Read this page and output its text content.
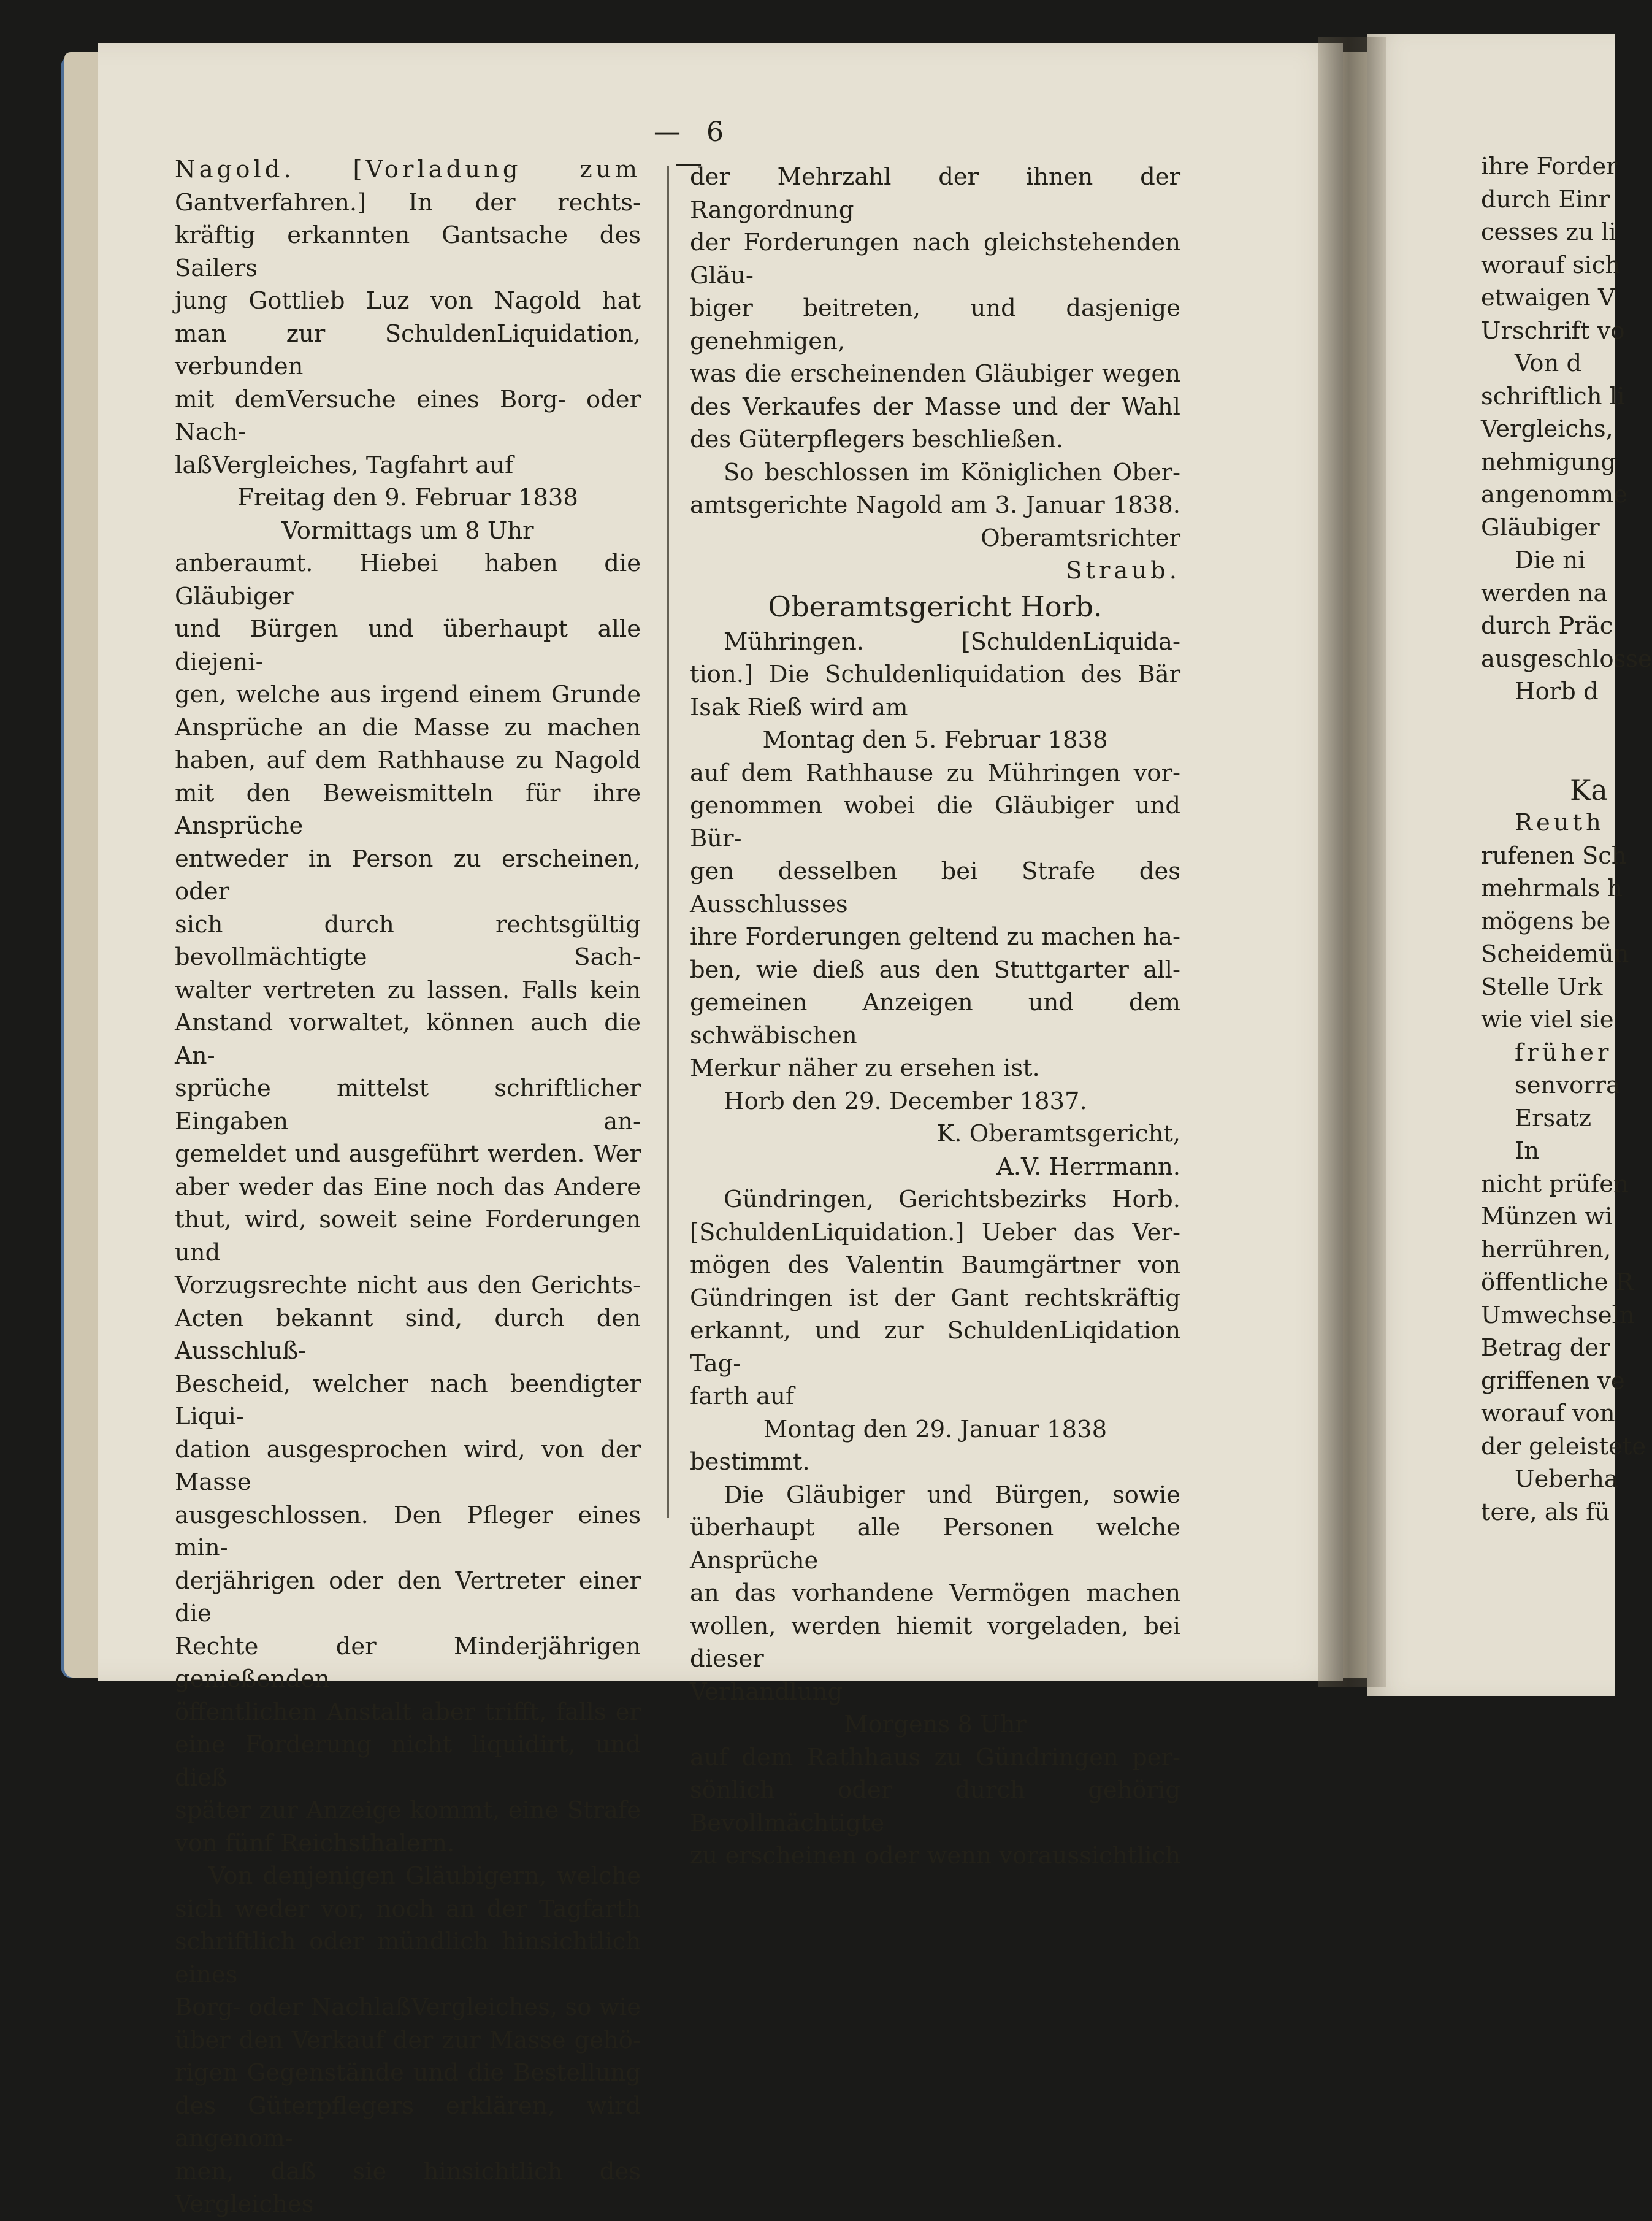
— 6 —

Nagold. [Vorladung zum

Gantverfahren.] In der rechts-

kräftig erkannten Gantsache des Sailers

jung Gottlieb Luz von Nagold hat

man zur SchuldenLiquidation, verbunden

mit demVersuche eines Borg- oder Nach-

laßVergleiches, Tagfahrt auf

Freitag den 9. Februar 1838

Vormittags um 8 Uhr

anberaumt. Hiebei haben die Gläubiger

und Bürgen und überhaupt alle diejeni-

gen, welche aus irgend einem Grunde

Ansprüche an die Masse zu machen

haben, auf dem Rathhause zu Nagold

mit den Beweismitteln für ihre Ansprüche

entweder in Person zu erscheinen, oder

sich durch rechtsgültig bevollmächtigte Sach-

walter vertreten zu lassen. Falls kein

Anstand vorwaltet, können auch die An-

sprüche mittelst schriftlicher Eingaben an-

gemeldet und ausgeführt werden. Wer

aber weder das Eine noch das Andere

thut, wird, soweit seine Forderungen und

Vorzugsrechte nicht aus den Gerichts-

Acten bekannt sind, durch den Ausschluß-

Bescheid, welcher nach beendigter Liqui-

dation ausgesprochen wird, von der Masse

ausgeschlossen. Den Pfleger eines min-

derjährigen oder den Vertreter einer die

Rechte der Minderjährigen genießenden

öffentlichen Anstalt aber trifft, falls er

eine Forderung nicht liquidirt, und dieß

später zur Anzeige kommt, eine Strafe

von fünf Reichsthalern.

Von denjenigen Gläubigern, welche

sich weder vor, noch an der Tagfarth

schriftlich oder mündlich hinsichtlich eines

Borg- oder NachlaßVergleiches, so wie

über den Verkauf der zur Masse gehö-

rigen Gegenstände und die Bestellung

des Güterpflegers erklären, wird angenom-

men, daß sie hinsichtlich des Vergleiches

der Mehrzahl der ihnen der Rangordnung

der Forderungen nach gleichstehenden Gläu-

biger beitreten, und dasjenige genehmigen,

was die erscheinenden Gläubiger wegen

des Verkaufes der Masse und der Wahl

des Güterpflegers beschließen.

So beschlossen im Königlichen Ober-

amtsgerichte Nagold am 3. Januar 1838.

Oberamtsrichter

Straub.

Oberamtsgericht Horb.

Mühringen. [SchuldenLiquida-

tion.] Die Schuldenliquidation des Bär

Isak Rieß wird am

Montag den 5. Februar 1838

auf dem Rathhause zu Mühringen vor-

genommen wobei die Gläubiger und Bür-

gen desselben bei Strafe des Ausschlusses

ihre Forderungen geltend zu machen ha-

ben, wie dieß aus den Stuttgarter all-

gemeinen Anzeigen und dem schwäbischen

Merkur näher zu ersehen ist.

Horb den 29. December 1837.

K. Oberamtsgericht,

A.V. Herrmann.

Gündringen, Gerichtsbezirks Horb.

[SchuldenLiquidation.] Ueber das Ver-

mögen des Valentin Baumgärtner von

Gündringen ist der Gant rechtskräftig

erkannt, und zur SchuldenLiqidation Tag-

farth auf

Montag den 29. Januar 1838

bestimmt.

Die Gläubiger und Bürgen, sowie

überhaupt alle Personen welche Ansprüche

an das vorhandene Vermögen machen

wollen, werden hiemit vorgeladen, bei dieser

Verhandlung

Morgens 8 Uhr

auf dem Rathhaus zu Gündringen per-

sönlich oder durch gehörig Bevollmächtigte

zu erscheinen oder wenn voraussichtlich

ihre Forder

durch Einr

cesses zu li

worauf sich

etwaigen V

Urschrift vo

Von d

schriftlich li

Vergleichs,

nehmigung

angenomme

Gläubiger

Die ni

werden na

durch Präc

ausgeschlosse

Horb d

Ka

Reuth

rufenen Sch

mehrmals h

mögens be

Scheidemün

Stelle Urk

wie viel sie

früher

senvorra

Ersatz

In

nicht prüfen

Münzen wi

herrühren,

öffentliche R

Umwechseln

Betrag der

griffenen ve

worauf von

der geleistete

Ueberha

tere, als fü
